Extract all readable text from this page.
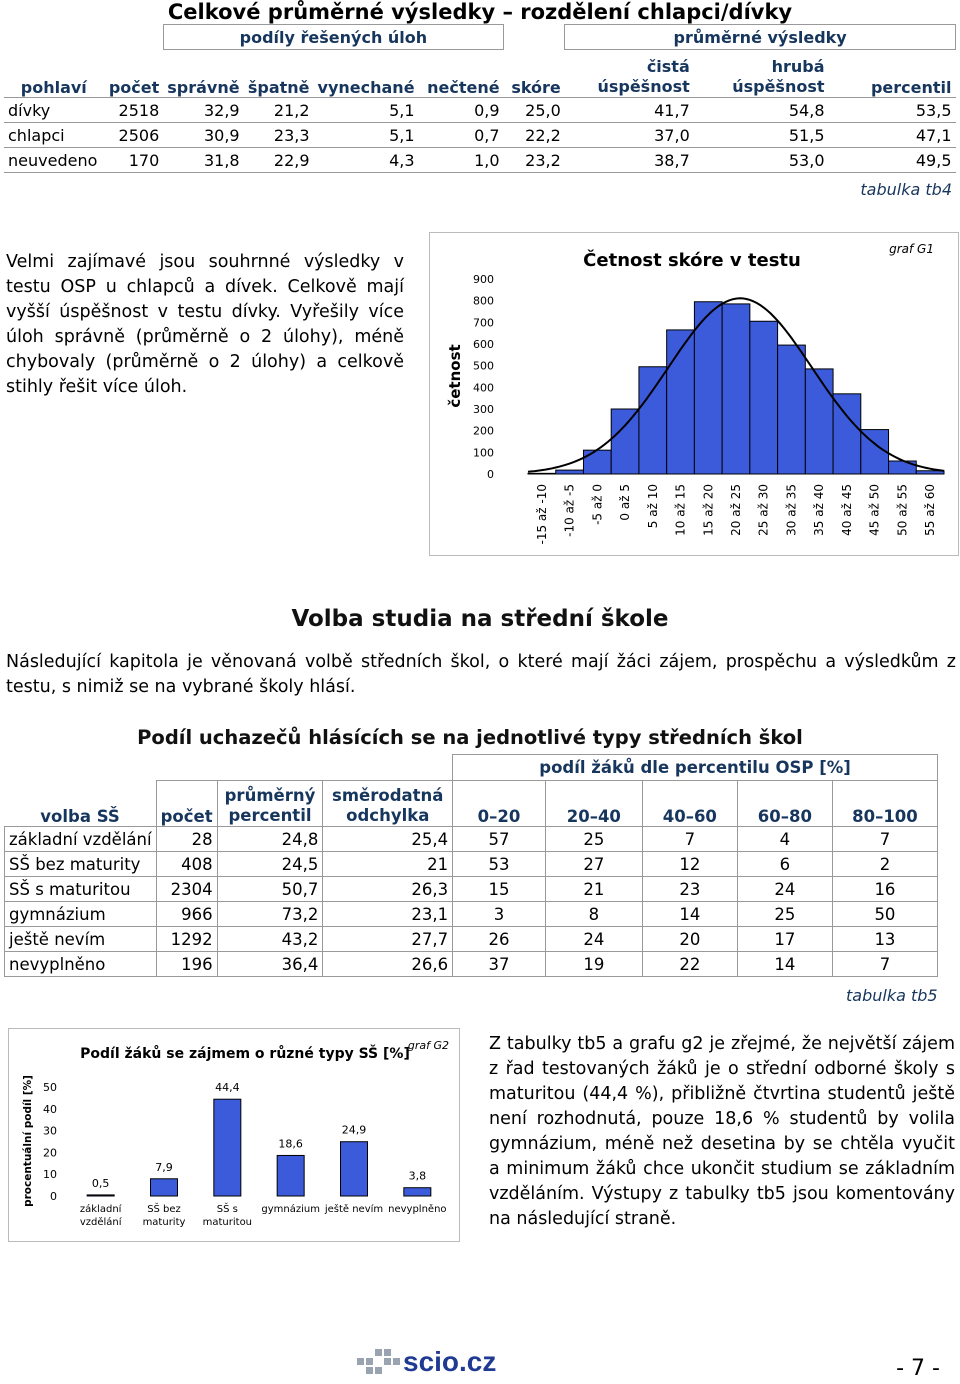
Celkové průměrné výsledky – rozdělení chlapci/dívky
		podíly řešených úloh					průměrné výsledky		
pohlaví	počet	správně	špatně	vynechané	nečtené	skóre	čistá úspěšnost	hrubá úspěšnost	percentil
dívky	2518	32,9	21,2	5,1	0,9	25,0	41,7	54,8	53,5
chlapci	2506	30,9	23,3	5,1	0,7	22,2	37,0	51,5	47,1
neuvedeno	170	31,8	22,9	4,3	1,0	23,2	38,7	53,0	49,5
tabulka tb4
Velmi zajímavé jsou souhrnné výsledky v testu OSP u chlapců a dívek. Celkově mají vyšší úspěšnost v testu dívky. Vyřešily více úloh správně (průměrně o 2 úlohy), méně chybovaly (průměrně o 2 úlohy) a celkově stihly řešit více úloh.
Četnost skóre v testu
graf G1
četnost
0
100
200
300
400
500
600
700
800
900
-15 až -10 -10 až -5 -5 až 0 0 až 5 5 až 10 10 až 15 15 až 20 20 až 25 25 až 30 30 až 35 35 až 40 40 až 45 45 až 50 50 až 55 55 až 60
Volba studia na střední škole
Následující kapitola je věnovaná volbě středních škol, o které mají žáci zájem, prospěchu a výsledkům z testu, s nimiž se na vybrané školy hlásí.
Podíl uchazečů hlásících se na jednotlivé typy středních škol
				podíl žáků dle percentilu OSP [%]				
volba SŠ	počet	průměrný percentil	směrodatná odchylka	0–20	20–40	40–60	60–80	80–100
základní vzdělání	28	24,8	25,4	57	25	7	4	7
SŠ bez maturity	408	24,5	21	53	27	12	6	2
SŠ s maturitou	2304	50,7	26,3	15	21	23	24	16
gymnázium	966	73,2	23,1	3	8	14	25	50
ještě nevím	1292	43,2	27,7	26	24	20	17	13
nevyplněno	196	36,4	26,6	37	19	22	14	7
tabulka tb5
Podíl žáků se zájmem o různé typy SŠ [%]
graf G2
procentuální podíl [%] 0
10
20
30
40
50
0,5
7,9
44,4
18,6
24,9
3,8
základní vzdělání
SŠ bez maturity
SŠ s maturitou
gymnázium ještě nevím nevyplněno
Z tabulky tb5 a grafu g2 je zřejmé, že největší zájem z řad testovaných žáků je o střední odborné školy s maturitou (44,4 %), přibližně čtvrtina studentů ještě není rozhodnutá, pouze 18,6 % studentů by volila gymnázium, méně než desetina by se chtěla vyučit a minimum žáků chce ukončit studium se základním vzděláním. Výstupy z tabulky tb5 jsou komentovány na následující straně.
scio.cz	- 7 -
